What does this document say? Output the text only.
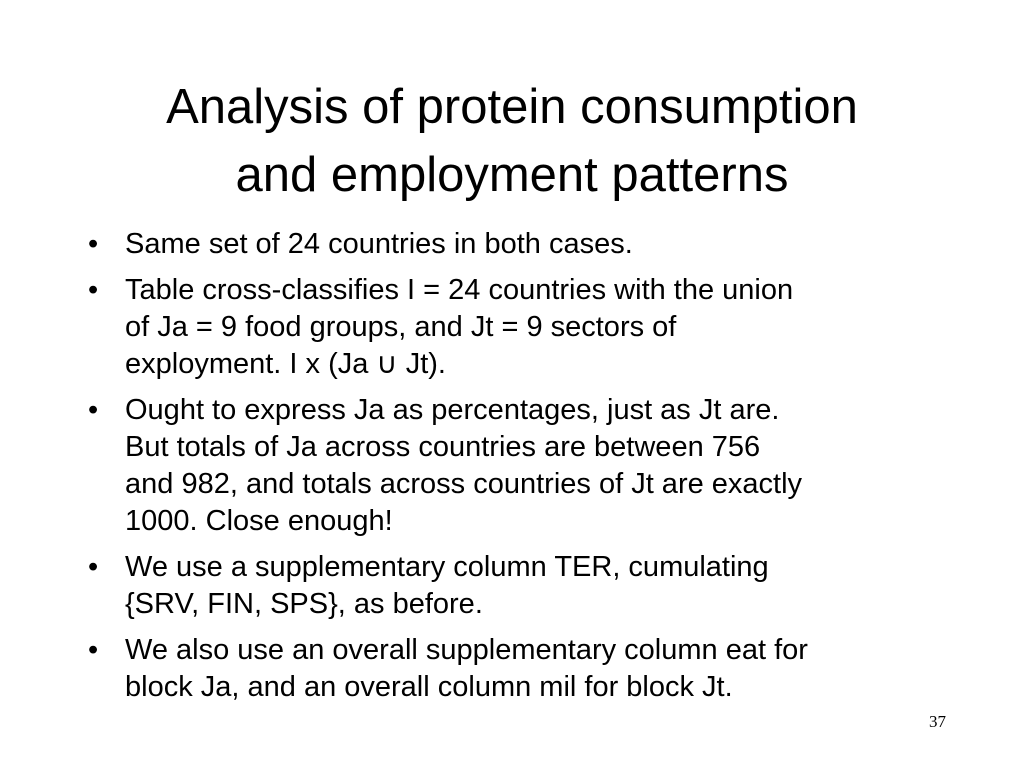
Analysis of protein consumption
and employment patterns
• Same set of 24 countries in both cases.
• Table cross-classifies I = 24 countries with the union
of Ja = 9 food groups, and Jt = 9 sectors of
exployment. I x (Ja ∪ Jt).
• Ought to express Ja as percentages, just as Jt are.
But totals of Ja across countries are between 756
and 982, and totals across countries of Jt are exactly
1000. Close enough!
• We use a supplementary column TER, cumulating
{SRV, FIN, SPS}, as before.
• We also use an overall supplementary column eat for
block Ja, and an overall column mil for block Jt.
37
